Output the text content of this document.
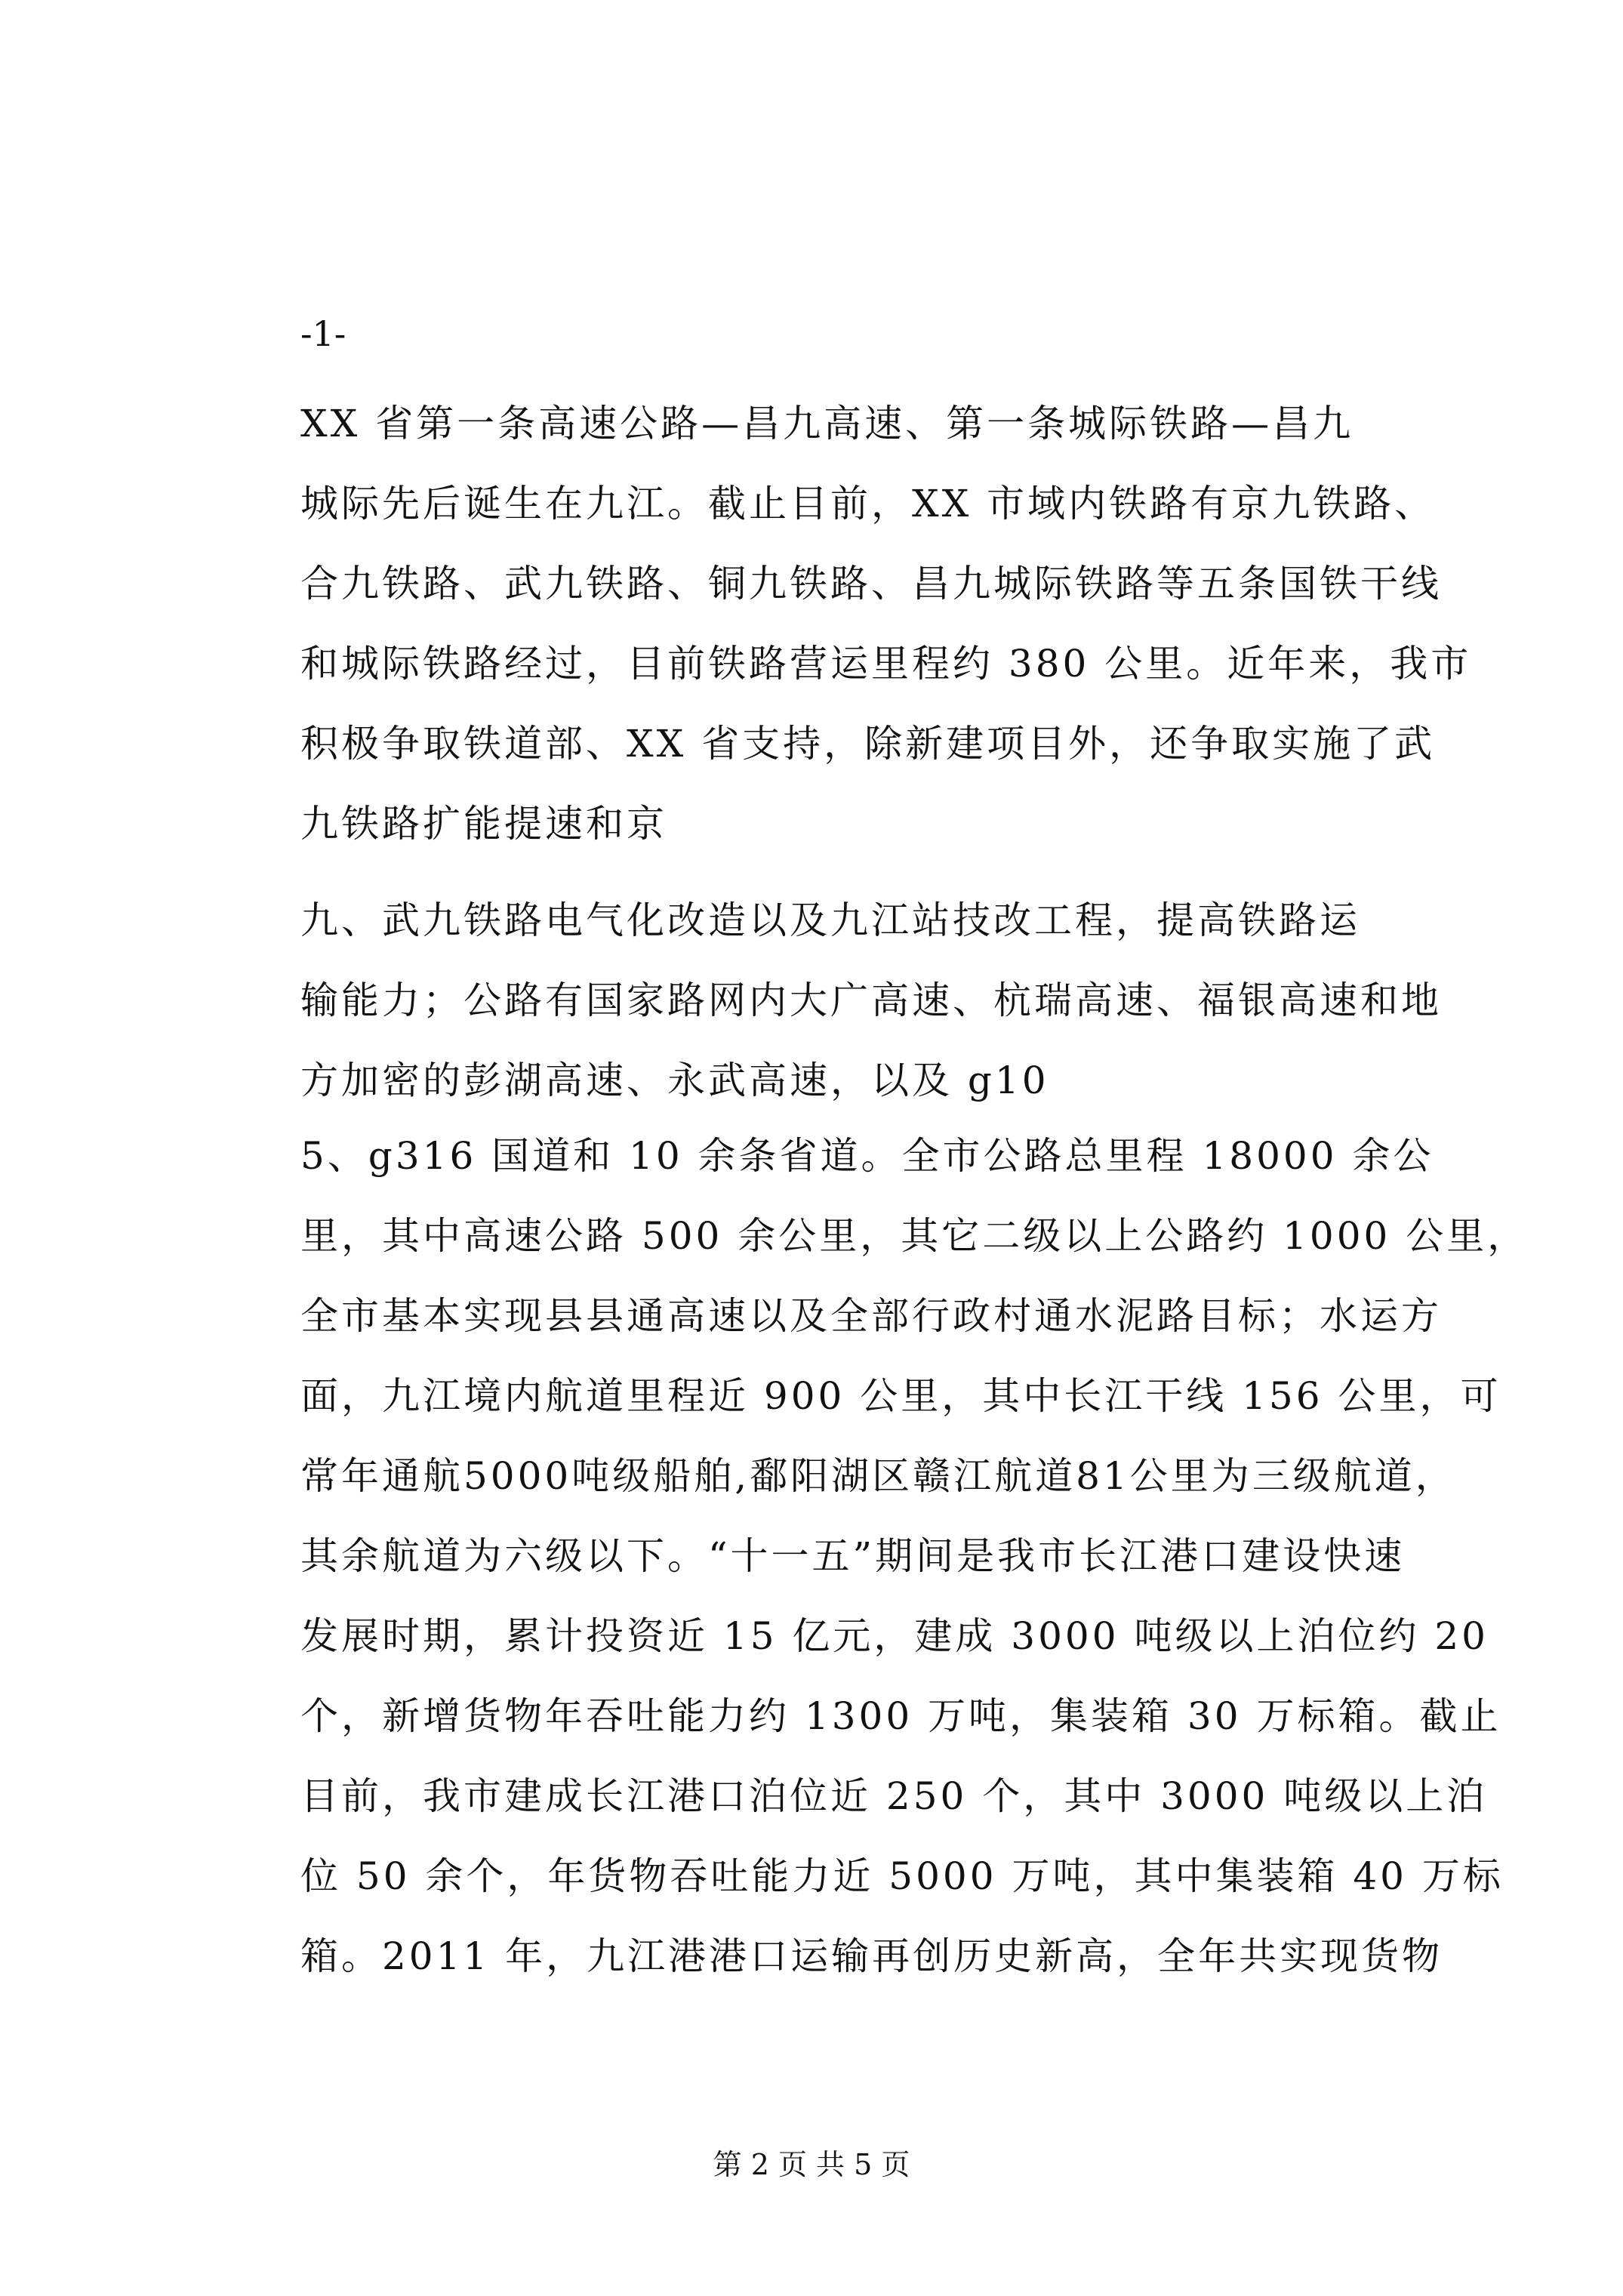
-1-
XX 省第一条高速公路—昌九高速、第一条城际铁路—昌九
城际先后诞生在九江。截止目前，XX 市域内铁路有京九铁路、
合九铁路、武九铁路、铜九铁路、昌九城际铁路等五条国铁干线
和城际铁路经过，目前铁路营运里程约 380 公里。近年来，我市
积极争取铁道部、XX 省支持，除新建项目外，还争取实施了武
九铁路扩能提速和京
九、武九铁路电气化改造以及九江站技改工程，提高铁路运
输能力；公路有国家路网内大广高速、杭瑞高速、福银高速和地
方加密的彭湖高速、永武高速，以及 g10
5、g316 国道和 10 余条省道。全市公路总里程 18000 余公
里，其中高速公路 500 余公里，其它二级以上公路约 1000 公里，
全市基本实现县县通高速以及全部行政村通水泥路目标；水运方
面，九江境内航道里程近 900 公里，其中长江干线 156 公里，可
常年通航5000吨级船舶,鄱阳湖区赣江航道81公里为三级航道，
其余航道为六级以下。“十一五”期间是我市长江港口建设快速
发展时期，累计投资近 15 亿元，建成 3000 吨级以上泊位约 20
个，新增货物年吞吐能力约 1300 万吨，集装箱 30 万标箱。截止
目前，我市建成长江港口泊位近 250 个，其中 3000 吨级以上泊
位 50 余个，年货物吞吐能力近 5000 万吨，其中集装箱 40 万标
箱。2011 年，九江港港口运输再创历史新高，全年共实现货物
第 2 页 共 5 页
